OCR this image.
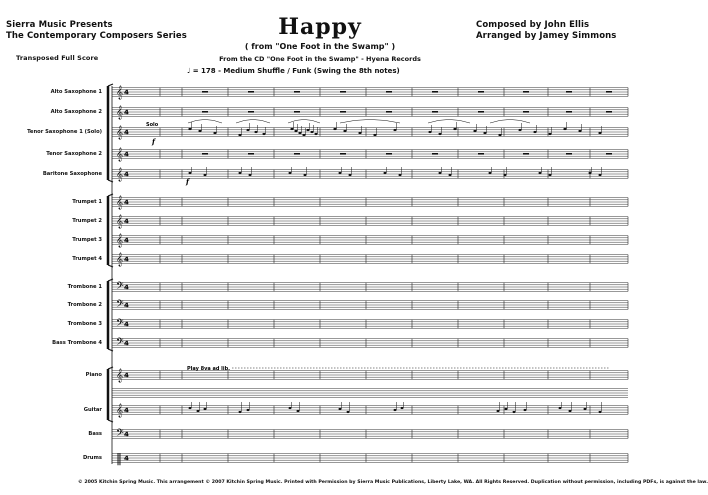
Sierra Music Presents
The Contemporary Composers Series
Transposed Full Score
Happy
( from "One Foot in the Swamp" )
From the CD "One Foot in the Swamp" - Hyena Records
Composed by John Ellis
Arranged by Jamey Simmons
♩ = 178 - Medium Shuffle / Funk (Swing the 8th notes)
Alto Saxophone 1
Alto Saxophone 2
Tenor Saxophone 1 (Solo)
Tenor Saxophone 2
Baritone Saxophone
Trumpet 1
Trumpet 2
Trumpet 3
Trumpet 4
Trombone 1
Trombone 2
Trombone 3
Bass Trombone 4
Piano
Guitar
Bass
Drums
𝄞 4
𝄞 4
𝄞 4
𝄞 4
𝄞 4
𝄞 4
𝄞 4
𝄞 4
𝄞 4
𝄢 4
𝄢 4
𝄢 4
𝄢 4
𝄞 4
𝄞 4
𝄢 4
‖ 4
Solo
f
f
Play 8va ad lib.
© 2005 Kitchin Spring Music. This arrangement © 2007 Kitchin Spring Music. Printed with Permission by Sierra Music Publications, Liberty Lake, WA. All Rights Reserved. Duplication without permission, including PDFs, is against the law.
